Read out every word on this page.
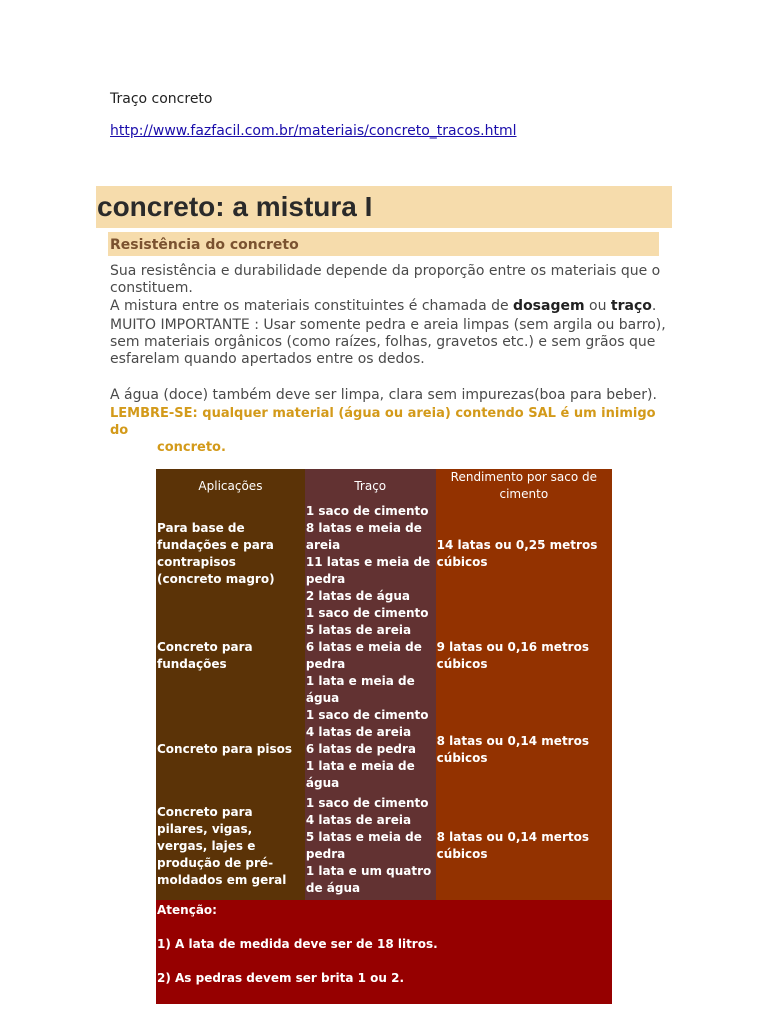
Traço concreto
http://www.fazfacil.com.br/materiais/concreto_tracos.html
concreto: a mistura I
Resistência do concreto
Sua resistência e durabilidade depende da proporção entre os materiais que o constituem.
A mistura entre os materiais constituintes é chamada de dosagem ou traço.
MUITO IMPORTANTE : Usar somente pedra e areia limpas (sem argila ou barro), sem materiais orgânicos (como raízes, folhas, gravetos etc.) e sem grãos que esfarelam quando apertados entre os dedos.
A água (doce) também deve ser limpa, clara sem impurezas(boa para beber).
LEMBRE-SE: qualquer material (água ou areia) contendo SAL é um inimigo do
concreto.
Aplicações	Traço	Rendimento por saco de cimento
Para base de fundações e para contrapisos (concreto magro)	1 saco de cimento
8 latas e meia de areia
11 latas e meia de pedra
2 latas de água	14 latas ou 0,25 metros cúbicos
Concreto para fundações	1 saco de cimento
5 latas de areia
6 latas e meia de pedra
1 lata e meia de água	9 latas ou 0,16 metros cúbicos
Concreto para pisos	1 saco de cimento
4 latas de areia
6 latas de pedra
1 lata e meia de água	8 latas ou 0,14 metros cúbicos
Concreto para pilares, vigas, vergas, lajes e produção de pré-moldados em geral	1 saco de cimento
4 latas de areia
5 latas e meia de pedra
1 lata e um quatro de água	8 latas ou 0,14 mertos cúbicos

Atenção:

1) A lata de medida deve ser de 18 litros.

2) As pedras devem ser brita 1 ou 2.		
